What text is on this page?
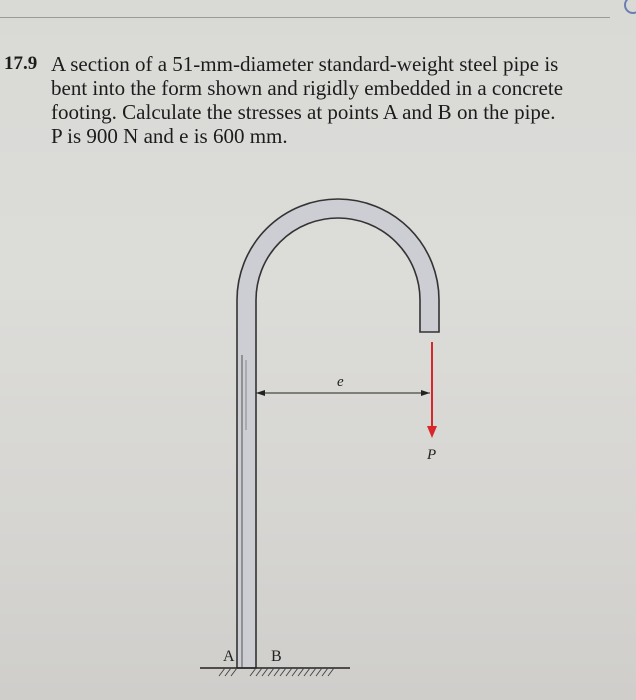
17.9 A section of a 51-mm-diameter standard-weight steel pipe is
bent into the form shown and rigidly embedded in a concrete
footing. Calculate the stresses at points A and B on the pipe.
P is 900 N and e is 600 mm.
e
P
A B
